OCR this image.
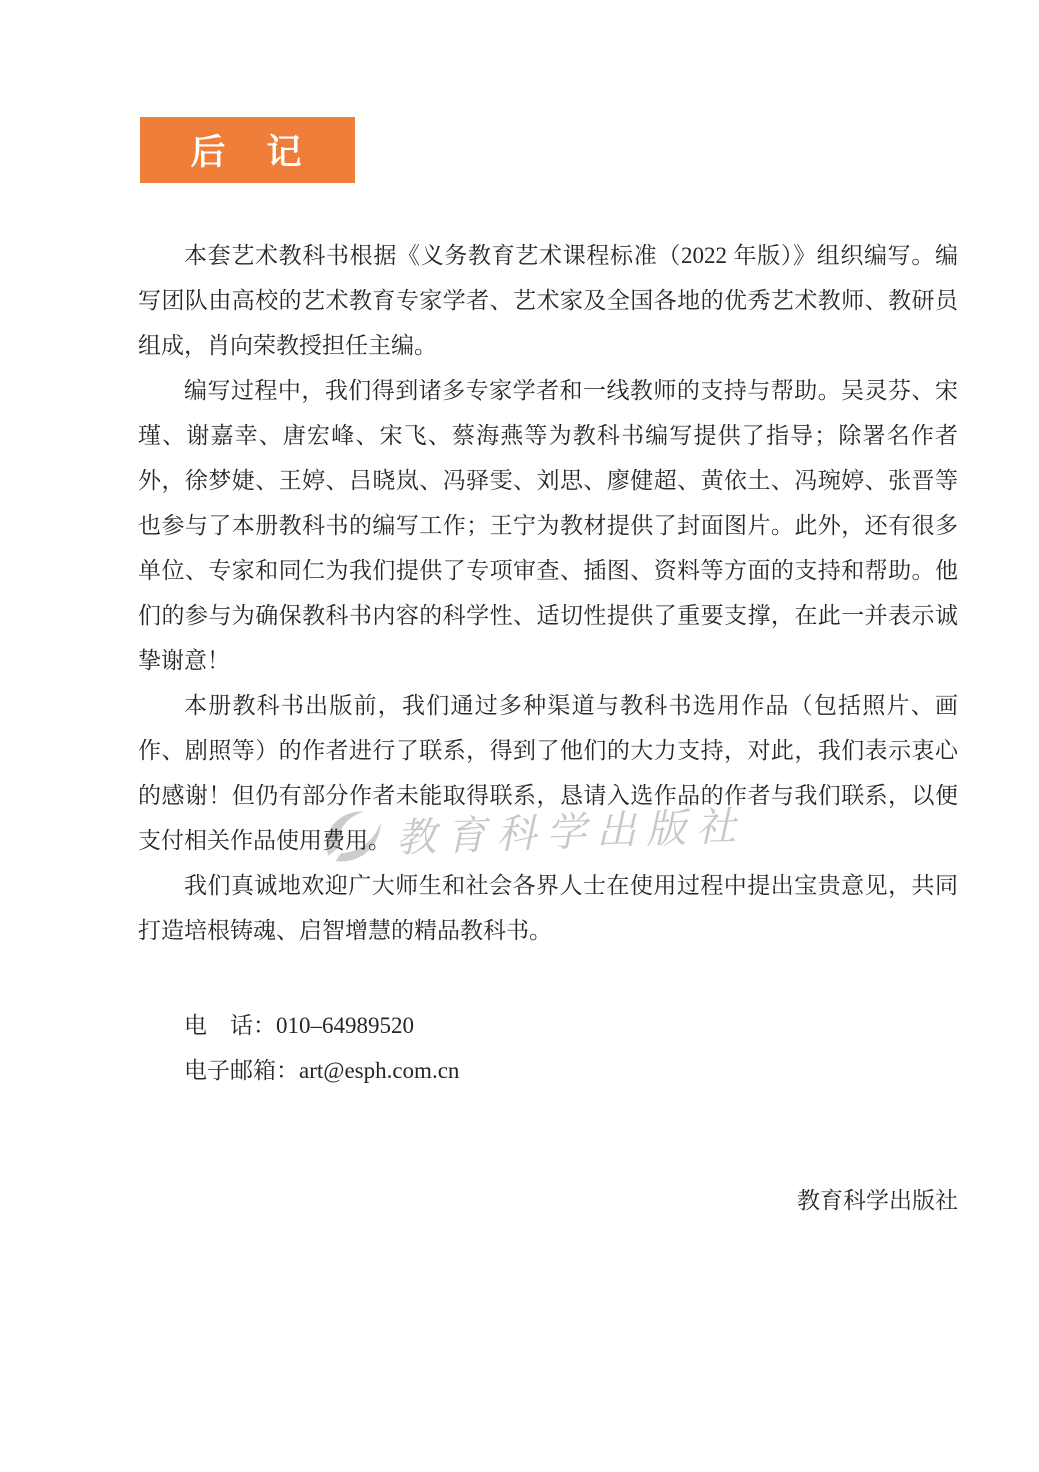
教育科学出版社
后　记

本套艺术教科书根据《义务教育艺术课程标准（2022 年版）》组织编写。编写团队由高校的艺术教育专家学者、艺术家及全国各地的优秀艺术教师、教研员组成，肖向荣教授担任主编。

编写过程中，我们得到诸多专家学者和一线教师的支持与帮助。吴灵芬、宋瑾、谢嘉幸、唐宏峰、宋飞、蔡海燕等为教科书编写提供了指导；除署名作者外，徐梦婕、王婷、吕晓岚、冯驿雯、刘思、廖健超、黄依土、冯琬婷、张晋等也参与了本册教科书的编写工作；王宁为教材提供了封面图片。此外，还有很多单位、专家和同仁为我们提供了专项审查、插图、资料等方面的支持和帮助。他们的参与为确保教科书内容的科学性、适切性提供了重要支撑，在此一并表示诚挚谢意！

本册教科书出版前，我们通过多种渠道与教科书选用作品（包括照片、画作、剧照等）的作者进行了联系，得到了他们的大力支持，对此，我们表示衷心的感谢！但仍有部分作者未能取得联系，恳请入选作品的作者与我们联系，以便支付相关作品使用费用。

我们真诚地欢迎广大师生和社会各界人士在使用过程中提出宝贵意见，共同打造培根铸魂、启智增慧的精品教科书。

电　话：010–64989520

电子邮箱：art@esph.com.cn

教育科学出版社
